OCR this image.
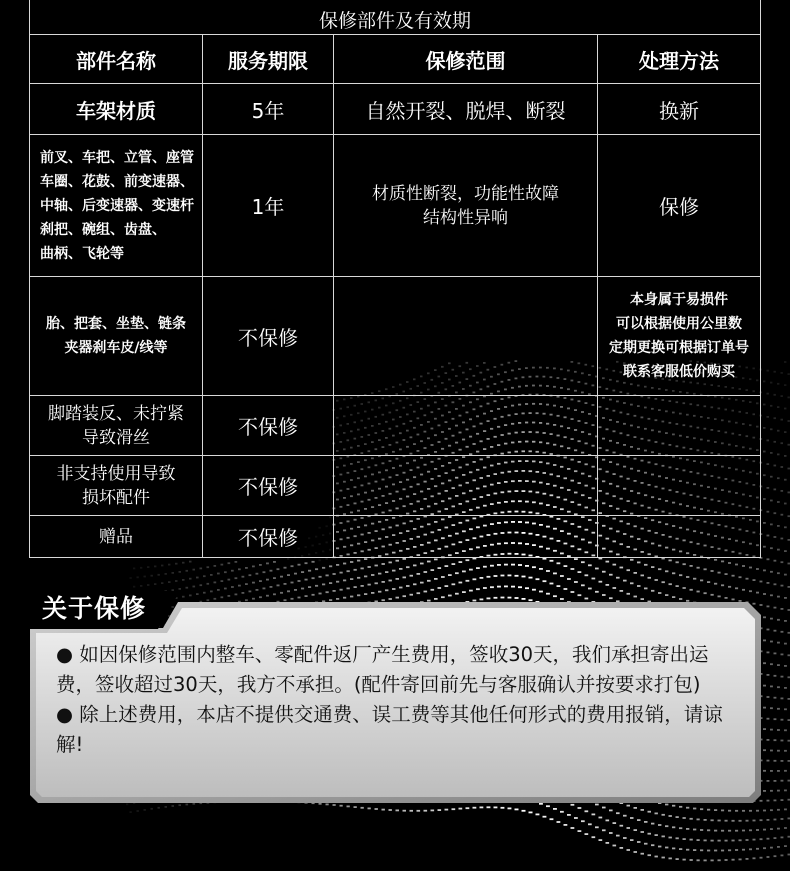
保修部件及有效期			
部件名称	服务期限	保修范围	处理方法

车架材质	5年	自然开裂、脱焊、断裂	换新

前叉、车把、立管、座管
车圈、花鼓、前变速器、
中轴、后变速器、变速杆
刹把、碗组、齿盘、
曲柄、飞轮等	1年	材质性断裂，功能性故障
结构性异响	保修

胎、把套、坐垫、链条
夹器刹车皮/线等	不保修		本身属于易损件
可以根据使用公里数
定期更换可根据订单号
联系客服低价购买

脚踏装反、未拧紧
导致滑丝	不保修		

非支持使用导致
损坏配件	不保修		

赠品	不保修		
关于保修

● 如因保修范围内整车、零配件返厂产生费用，签收30天，我们承担寄出运费，签收超过30天，我方不承担。(配件寄回前先与客服确认并按要求打包)

● 除上述费用，本店不提供交通费、误工费等其他任何形式的费用报销，请谅解!
